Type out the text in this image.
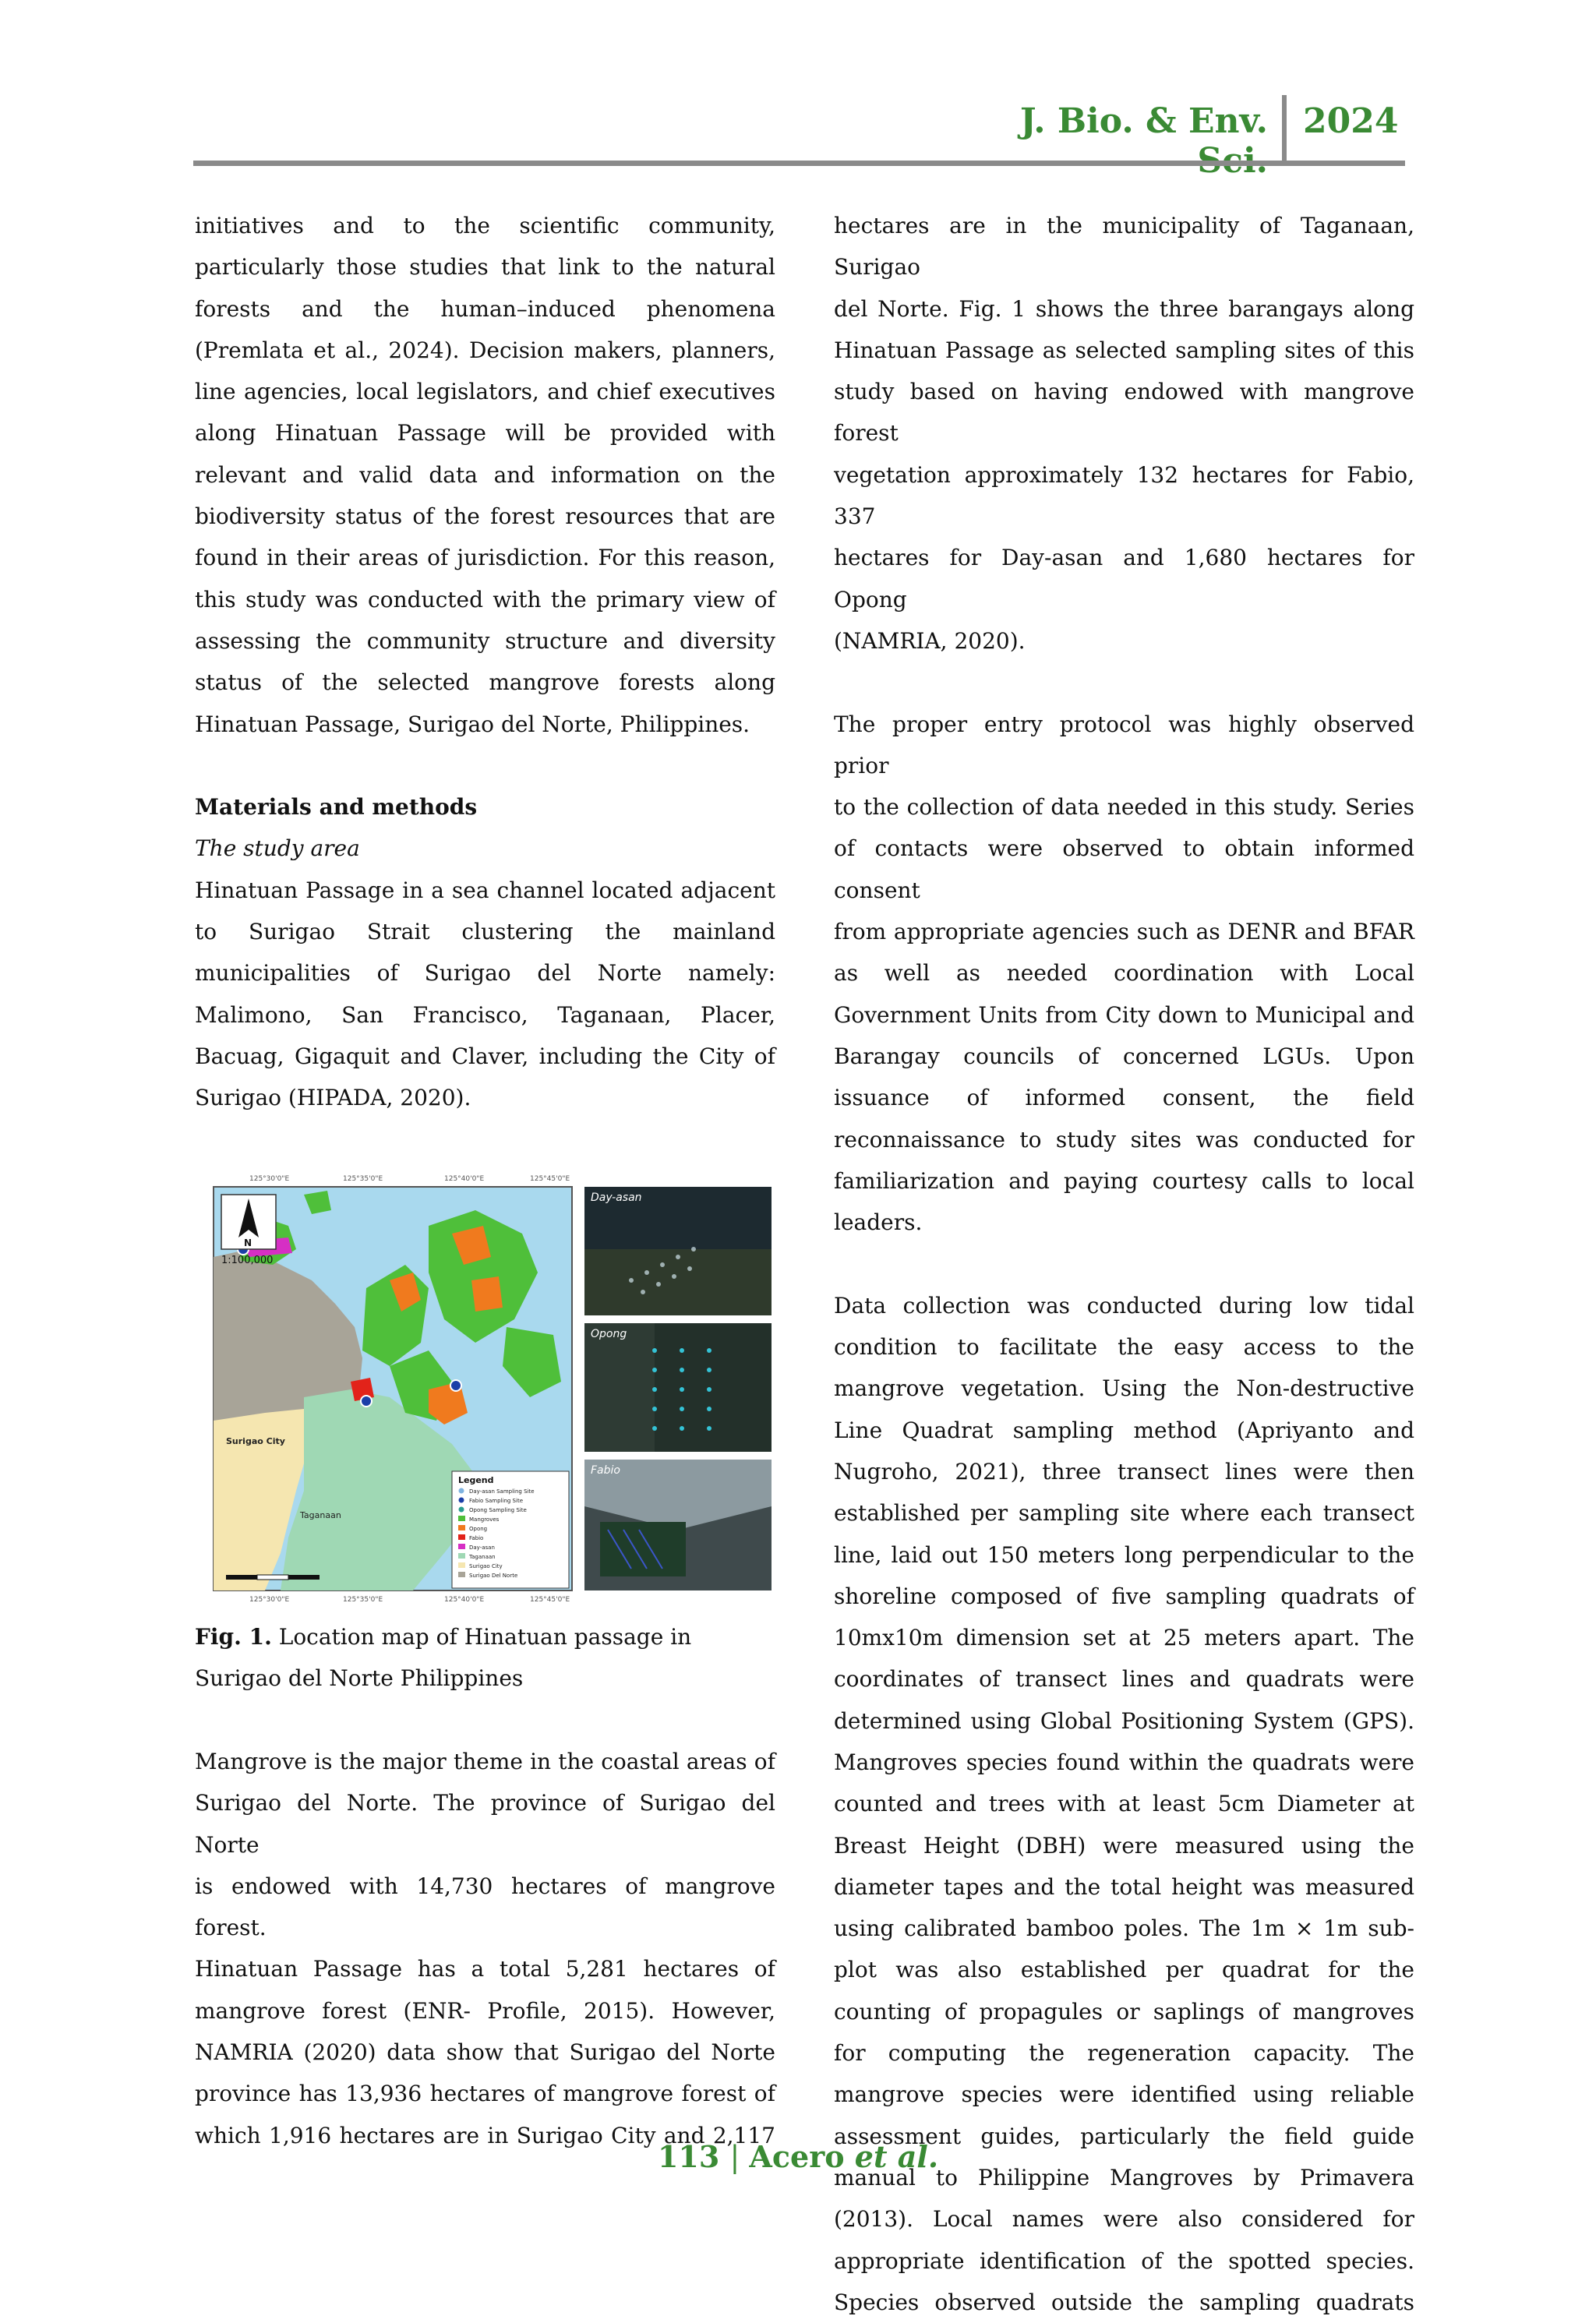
J. Bio. & Env. 2024

initiatives and to the scientific community,

particularly those studies that link to the natural

forests and the human–induced phenomena

(Premlata et al., 2024). Decision makers, planners,

line agencies, local legislators, and chief executives

along Hinatuan Passage will be provided with

relevant and valid data and information on the

biodiversity status of the forest resources that are

found in their areas of jurisdiction. For this reason,

this study was conducted with the primary view of

assessing the community structure and diversity

status of the selected mangrove forests along

Hinatuan Passage, Surigao del Norte, Philippines.

Materials and methods

The study area

Hinatuan Passage in a sea channel located adjacent

to Surigao Strait clustering the mainland

municipalities of Surigao del Norte namely:

Malimono, San Francisco, Taganaan, Placer,

Bacuag, Gigaquit and Claver, including the City of

Surigao (HIPADA, 2020).

125°30'0"E	125°35'0"E	125°40'0"E	125°45'0"E
125°30'0"E	125°35'0"E	125°40'0"E	125°45'0"E
N
1:100,000
Surigao City
Taganaan
Legend
Day-asan Sampling Site
Fabio Sampling Site
Opong Sampling Site
Mangroves
Opong
Fabio
Day-asan
Taganaan
Surigao City
Surigao Del Norte
Day-asan
Opong
Fabio
Fig. 1. Location map of Hinatuan passage in Surigao del Norte Philippines

Mangrove is the major theme in the coastal areas of

Surigao del Norte. The province of Surigao del Norte

is endowed with 14,730 hectares of mangrove forest.

Hinatuan Passage has a total 5,281 hectares of

mangrove forest (ENR- Profile, 2015). However,

NAMRIA (2020) data show that Surigao del Norte

province has 13,936 hectares of mangrove forest of

which 1,916 hectares are in Surigao City and 2,117

hectares are in the municipality of Taganaan, Surigao

del Norte. Fig. 1 shows the three barangays along

Hinatuan Passage as selected sampling sites of this

study based on having endowed with mangrove forest

vegetation approximately 132 hectares for Fabio, 337

hectares for Day-asan and 1,680 hectares for Opong

(NAMRIA, 2020).

The proper entry protocol was highly observed prior

to the collection of data needed in this study. Series

of contacts were observed to obtain informed consent

from appropriate agencies such as DENR and BFAR

as well as needed coordination with Local

Government Units from City down to Municipal and

Barangay councils of concerned LGUs. Upon

issuance of informed consent, the field

reconnaissance to study sites was conducted for

familiarization and paying courtesy calls to local

leaders.

Data collection was conducted during low tidal

condition to facilitate the easy access to the

mangrove vegetation. Using the Non-destructive

Line Quadrat sampling method (Apriyanto and

Nugroho, 2021), three transect lines were then

established per sampling site where each transect

line, laid out 150 meters long perpendicular to the

shoreline composed of five sampling quadrats of

10mx10m dimension set at 25 meters apart. The

coordinates of transect lines and quadrats were

determined using Global Positioning System (GPS).

Mangroves species found within the quadrats were

counted and trees with at least 5cm Diameter at

Breast Height (DBH) were measured using the

diameter tapes and the total height was measured

using calibrated bamboo poles. The 1m × 1m sub-

plot was also established per quadrat for the

counting of propagules or saplings of mangroves

for computing the regeneration capacity. The

mangrove species were identified using reliable

assessment guides, particularly the field guide

manual to Philippine Mangroves by Primavera

(2013). Local names were also considered for

appropriate identification of the spotted species.

Species observed outside the sampling quadrats

113 | Acero et al.
